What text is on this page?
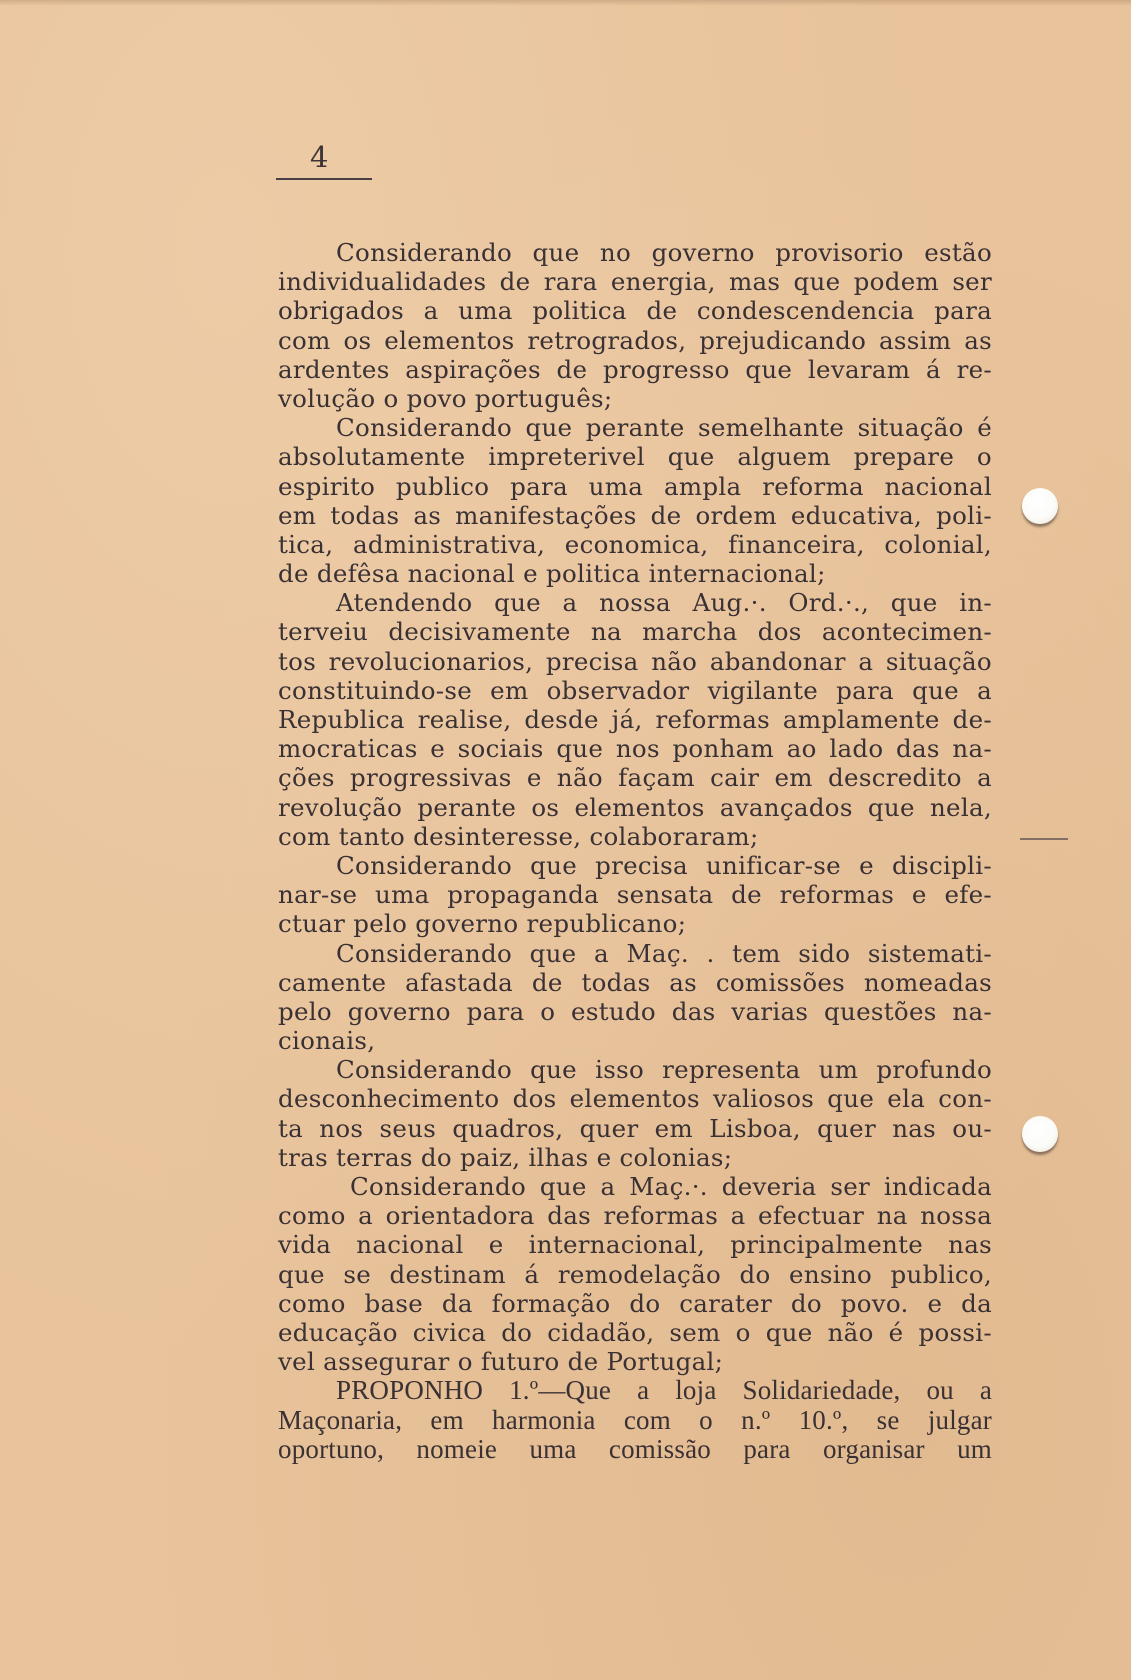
4
Considerando que no governo provisorio estão
individualidades de rara energia, mas que podem ser
obrigados a uma politica de condescendencia para
com os elementos retrogrados, prejudicando assim as
ardentes aspirações de progresso que levaram á re-
volução o povo português;
Considerando que perante semelhante situação é
absolutamente impreterivel que alguem prepare o
espirito publico para uma ampla reforma nacional
em todas as manifestações de ordem educativa, poli-
tica, administrativa, economica, financeira, colonial,
de defêsa nacional e politica internacional;
Atendendo que a nossa Aug.·. Ord.·., que in-
terveiu decisivamente na marcha dos acontecimen-
tos revolucionarios, precisa não abandonar a situação
constituindo-se em observador vigilante para que a
Republica realise, desde já, reformas amplamente de-
mocraticas e sociais que nos ponham ao lado das na-
ções progressivas e não façam cair em descredito a
revolução perante os elementos avançados que nela,
com tanto desinteresse, colaboraram;
Considerando que precisa unificar-se e discipli-
nar-se uma propaganda sensata de reformas e efe-
ctuar pelo governo republicano;
Considerando que a Maç. . tem sido sistemati-
camente afastada de todas as comissões nomeadas
pelo governo para o estudo das varias questões na-
cionais,
Considerando que isso representa um profundo
desconhecimento dos elementos valiosos que ela con-
ta nos seus quadros, quer em Lisboa, quer nas ou-
tras terras do paiz, ilhas e colonias;
Considerando que a Maç.·. deveria ser indicada
como a orientadora das reformas a efectuar na nossa
vida nacional e internacional, principalmente nas
que se destinam á remodelação do ensino publico,
como base da formação do carater do povo. e da
educação civica do cidadão, sem o que não é possi-
vel assegurar o futuro de Portugal;
PROPONHO 1.º—Que a loja Solidariedade, ou a
Maçonaria, em harmonia com o n.º 10.º, se julgar
oportuno, nomeie uma comissão para organisar um
